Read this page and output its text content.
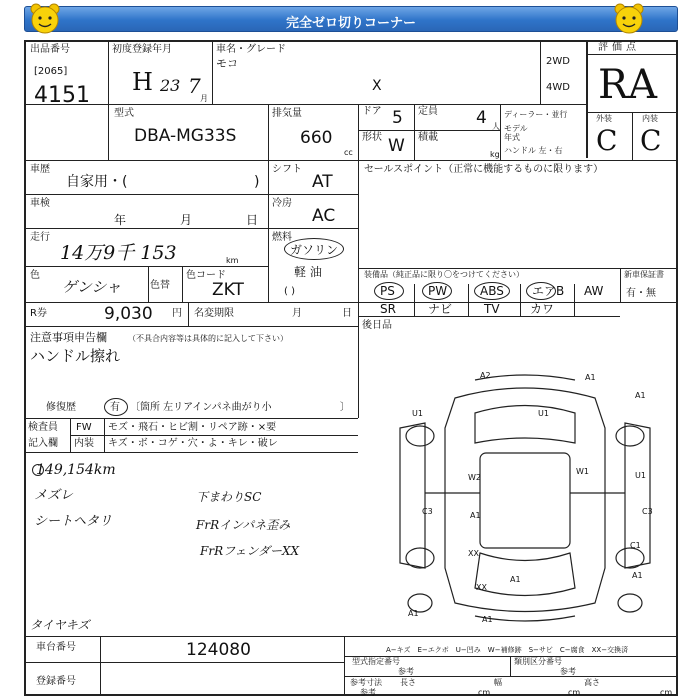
完全ゼロ切りコーナー
出品番号
[2065]
4151
初度登録年月
H 23 7
月
車名・グレード
モコ
X
2WD
4WD
評価点
RA
外装	内装
C C
型式
DBA-MG33S
排気量
660
cc
ドア 5 定員 4 人
形状 W 積載
kg
ディーラー・並行
モデル年式
ハンドル 左・右
車歴
自家用・(	)
シフト
AT
車検
年	月	日
冷房
AC
走行
14万9千 153	km
燃料
ガソリン
軽 油
( )
色
ゲンシャ	色替
色コード
ZKT
R券	9,030 円 名変期限	月	日
セールスポイント（正常に機能するものに限ります）
装備品（純正品に限り〇をつけてください）	新車保証書
有・無
PS	PW	ABS エアB AW
SR	ナビ	TV	カワ
後日品
注意事項申告欄	（不具合内容等は具体的に記入して下さい）
ハンドル擦れ
修復歴	有 〔箇所 左リアインパネ曲がり小	〕
検査員
記入欄
FW
内装
モズ・飛石・ヒビ割・リペア跡・×要
キズ・ボ・コゲ・穴・よ・キレ・破レ
149,154km
メズレ
シートヘタリ
下まわりSC
FrRインパネ歪み
FrRフェンダーXX
タイヤキズ
A2	A1
U1	U1
U1
A1
W2
W1
C3	C3
A1
C1
A1
XX
XX
A1
A1
A1
車台番号	124080
登録番号
A−キズ　E−エクボ　U−凹み　W−補修跡　S−サビ　C−腐食　XX−交換済
型式指定番号
参考
類別区分番号
参考
参考寸法
参考
長さ
cm
幅
cm
高さ
cm
